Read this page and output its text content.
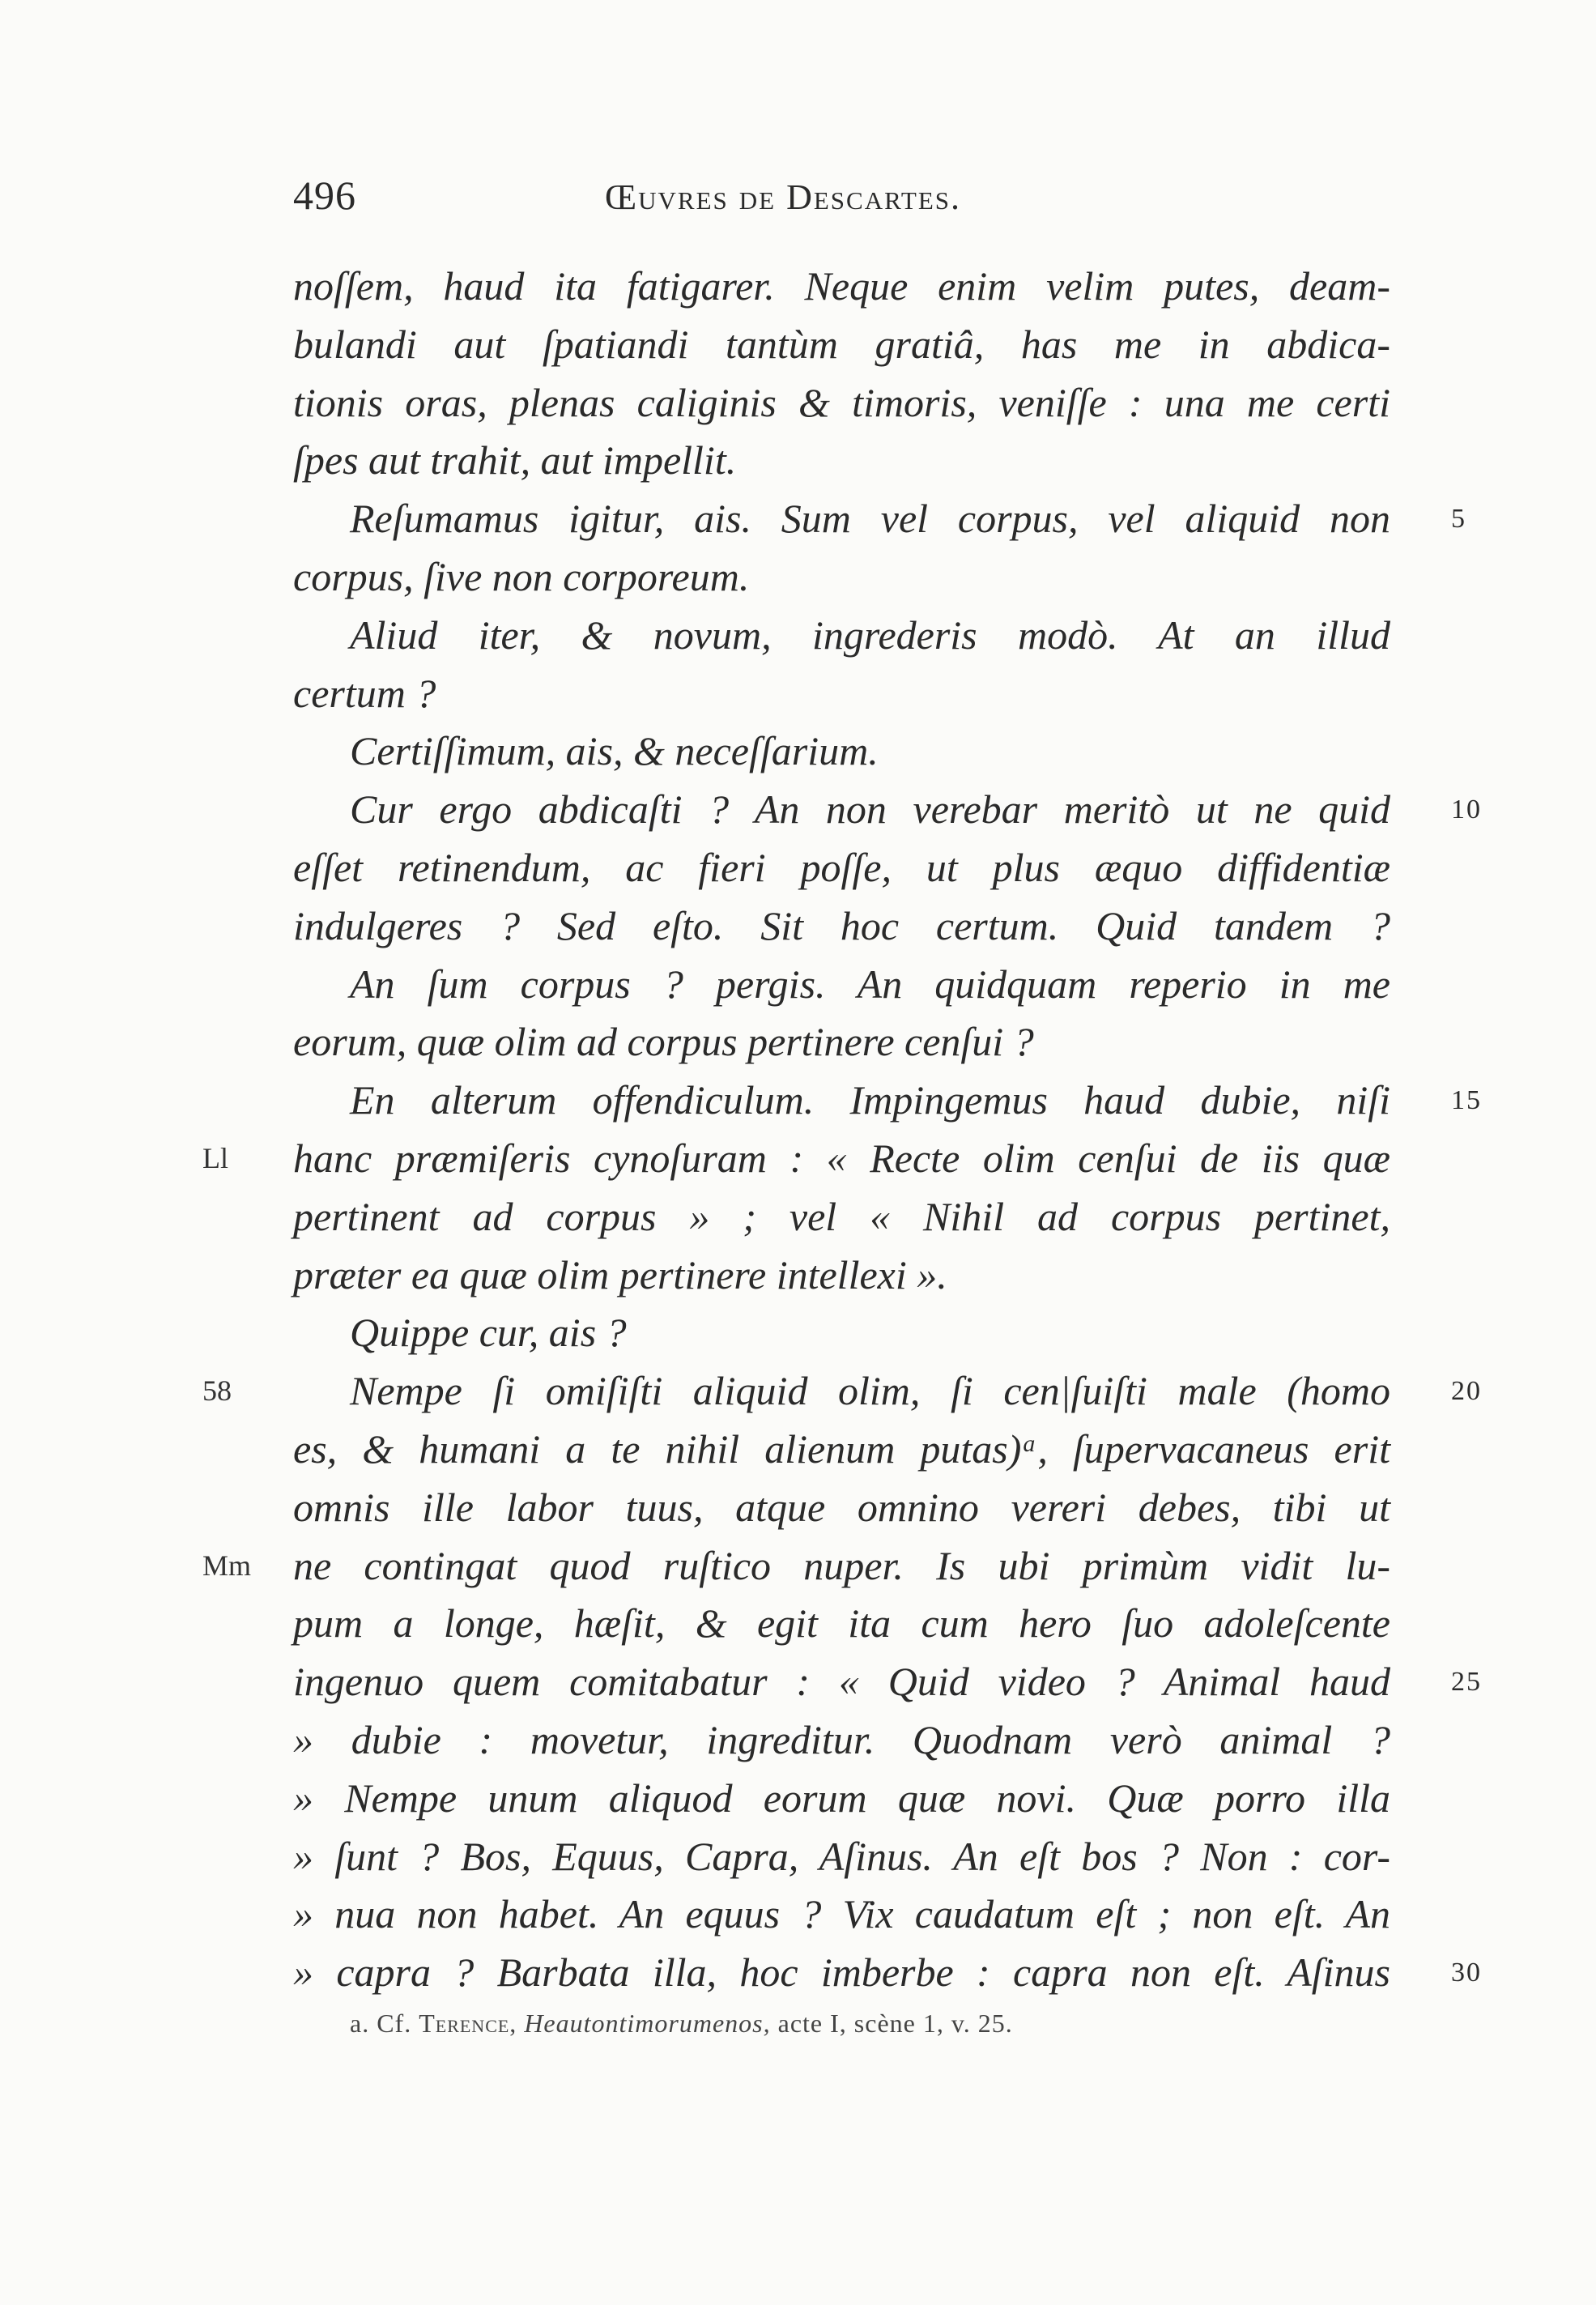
496	Œuvres de Descartes.
noſſem, haud ita fatigarer. Neque enim velim putes, deam-
bulandi aut ſpatiandi tantùm gratiâ, has me in abdica-
tionis oras, plenas caliginis & timoris, veniſſe : una me certi
ſpes aut trahit, aut impellit.
Reſumamus igitur, ais. Sum vel corpus, vel aliquid non 5
corpus, ſive non corporeum.
Aliud iter, & novum, ingrederis modò. At an illud
certum ?
Certiſſimum, ais, & neceſſarium.
Cur ergo abdicaſti ? An non verebar meritò ut ne quid 10
eſſet retinendum, ac fieri poſſe, ut plus æquo diffidentiæ
indulgeres ? Sed eſto. Sit hoc certum. Quid tandem ?
An ſum corpus ? pergis. An quidquam reperio in me
eorum, quæ olim ad corpus pertinere cenſui ?
En alterum offendiculum. Impingemus haud dubie, niſi 15
hanc præmiſeris cynoſuram : « Recte olim cenſui de iis quæ
Ll
pertinent ad corpus » ; vel « Nihil ad corpus pertinet,
præter ea quæ olim pertinere intellexi ».
Quippe cur, ais ?
Nempe ſi omiſiſti aliquid olim, ſi cen|ſuiſti male (homo 20
58
es, & humani a te nihil alienum putas)ᵃ, ſupervacaneus erit
omnis ille labor tuus, atque omnino vereri debes, tibi ut
ne contingat quod ruſtico nuper. Is ubi primùm vidit lu-
Mm
pum a longe, hæſit, & egit ita cum hero ſuo adoleſcente
ingenuo quem comitabatur : « Quid video ? Animal haud 25
» dubie : movetur, ingreditur. Quodnam verò animal ?
» Nempe unum aliquod eorum quæ novi. Quæ porro illa
» ſunt ? Bos, Equus, Capra, Aſinus. An eſt bos ? Non : cor-
» nua non habet. An equus ? Vix caudatum eſt ; non eſt. An
» capra ? Barbata illa, hoc imberbe : capra non eſt. Aſinus 30
a. Cf. Terence, Heautontimorumenos, acte I, scène 1, v. 25.
